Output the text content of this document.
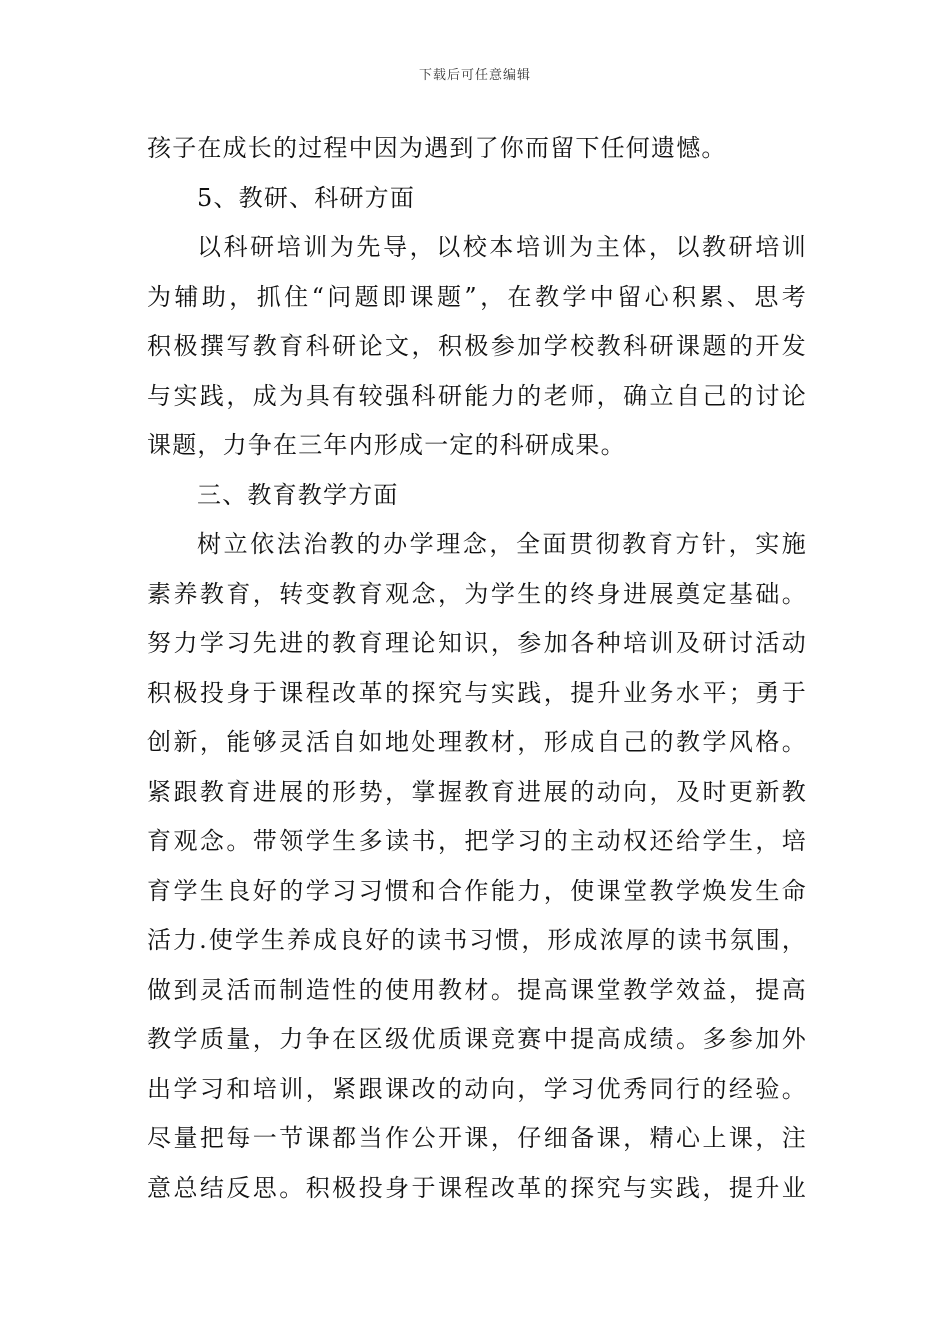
下载后可任意编辑
孩子在成长的过程中因为遇到了你而留下任何遗憾。
5、教研、科研方面
以科研培训为先导，以校本培训为主体，以教研培训
为辅助，抓住“问题即课题”，在教学中留心积累、思考
积极撰写教育科研论文，积极参加学校教科研课题的开发
与实践，成为具有较强科研能力的老师，确立自己的讨论
课题，力争在三年内形成一定的科研成果。
三、教育教学方面
树立依法治教的办学理念，全面贯彻教育方针，实施
素养教育，转变教育观念，为学生的终身进展奠定基础。
努力学习先进的教育理论知识，参加各种培训及研讨活动
积极投身于课程改革的探究与实践，提升业务水平；勇于
创新，能够灵活自如地处理教材，形成自己的教学风格。
紧跟教育进展的形势，掌握教育进展的动向，及时更新教
育观念。带领学生多读书，把学习的主动权还给学生，培
育学生良好的学习习惯和合作能力，使课堂教学焕发生命
活力.使学生养成良好的读书习惯，形成浓厚的读书氛围，
做到灵活而制造性的使用教材。提高课堂教学效益，提高
教学质量，力争在区级优质课竞赛中提高成绩。多参加外
出学习和培训，紧跟课改的动向，学习优秀同行的经验。
尽量把每一节课都当作公开课，仔细备课，精心上课，注
意总结反思。积极投身于课程改革的探究与实践，提升业
